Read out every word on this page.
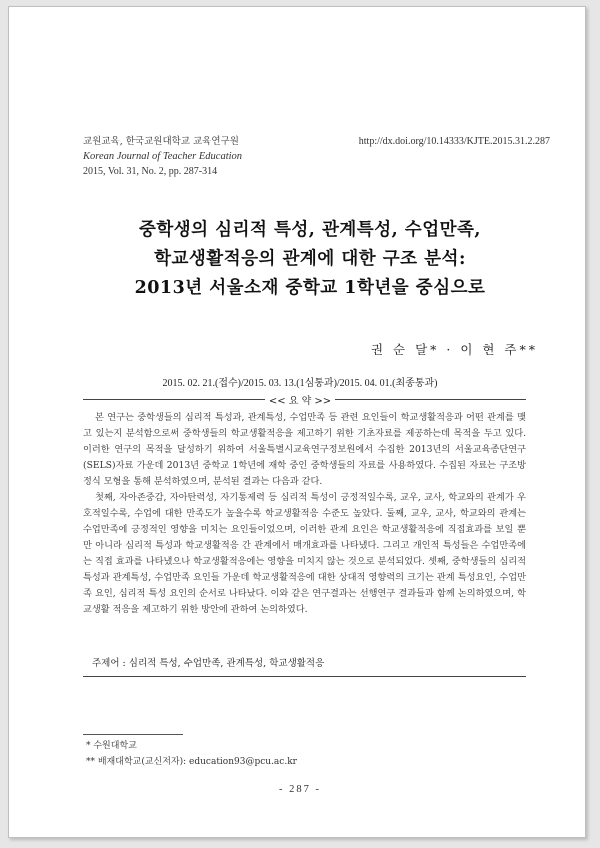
교원교육, 한국교원대학교 교육연구원	http://dx.doi.org/10.14333/KJTE.2015.31.2.287
Korean Journal of Teacher Education
2015, Vol. 31, No. 2, pp. 287-314
중학생의 심리적 특성, 관계특성, 수업만족,
학교생활적응의 관계에 대한 구조 분석:
2013년 서울소재 중학교 1학년을 중심으로
권 순 달* · 이 현 주**
2015. 02. 21.(접수)/2015. 03. 13.(1심통과)/2015. 04. 01.(최종통과)
<< 요 약 >>

본 연구는 중학생들의 심리적 특성과, 관계특성, 수업만족 등 관련 요인들이 학교생활적응과 어떤 관계를 맺고 있는지 분석함으로써 중학생들의 학교생활적응을 제고하기 위한 기초자료를 제공하는데 목적을 두고 있다. 이러한 연구의 목적을 달성하기 위하여 서울특별시교육연구정보원에서 수집한 2013년의 서울교육종단연구(SELS)자료 가운데 2013년 중학교 1학년에 재학 중인 중학생들의 자료를 사용하였다. 수집된 자료는 구조방정식 모형을 통해 분석하였으며, 분석된 결과는 다음과 같다.

첫째, 자아존중감, 자아탄력성, 자기통제력 등 심리적 특성이 긍정적일수록, 교우, 교사, 학교와의 관계가 우호적일수록, 수업에 대한 만족도가 높을수록 학교생활적응 수준도 높았다. 둘째, 교우, 교사, 학교와의 관계는 수업만족에 긍정적인 영향을 미치는 요인들이었으며, 이러한 관계 요인은 학교생활적응에 직접효과를 보일 뿐만 아니라 심리적 특성과 학교생활적응 간 관계에서 매개효과를 나타냈다. 그리고 개인적 특성들은 수업만족에는 직접 효과를 나타냈으나 학교생활적응에는 영향을 미치지 않는 것으로 분석되었다. 셋째, 중학생들의 심리적 특성과 관계특성, 수업만족 요인들 가운데 학교생활적응에 대한 상대적 영향력의 크기는 관계 특성요인, 수업만족 요인, 심리적 특성 요인의 순서로 나타났다. 이와 같은 연구결과는 선행연구 결과들과 함께 논의하였으며, 학교생활 적응을 제고하기 위한 방안에 관하여 논의하였다.

주제어 : 심리적 특성, 수업만족, 관계특성, 학교생활적응
* 수원대학교
** 배재대학교(교신저자): education93@pcu.ac.kr
- 287 -
